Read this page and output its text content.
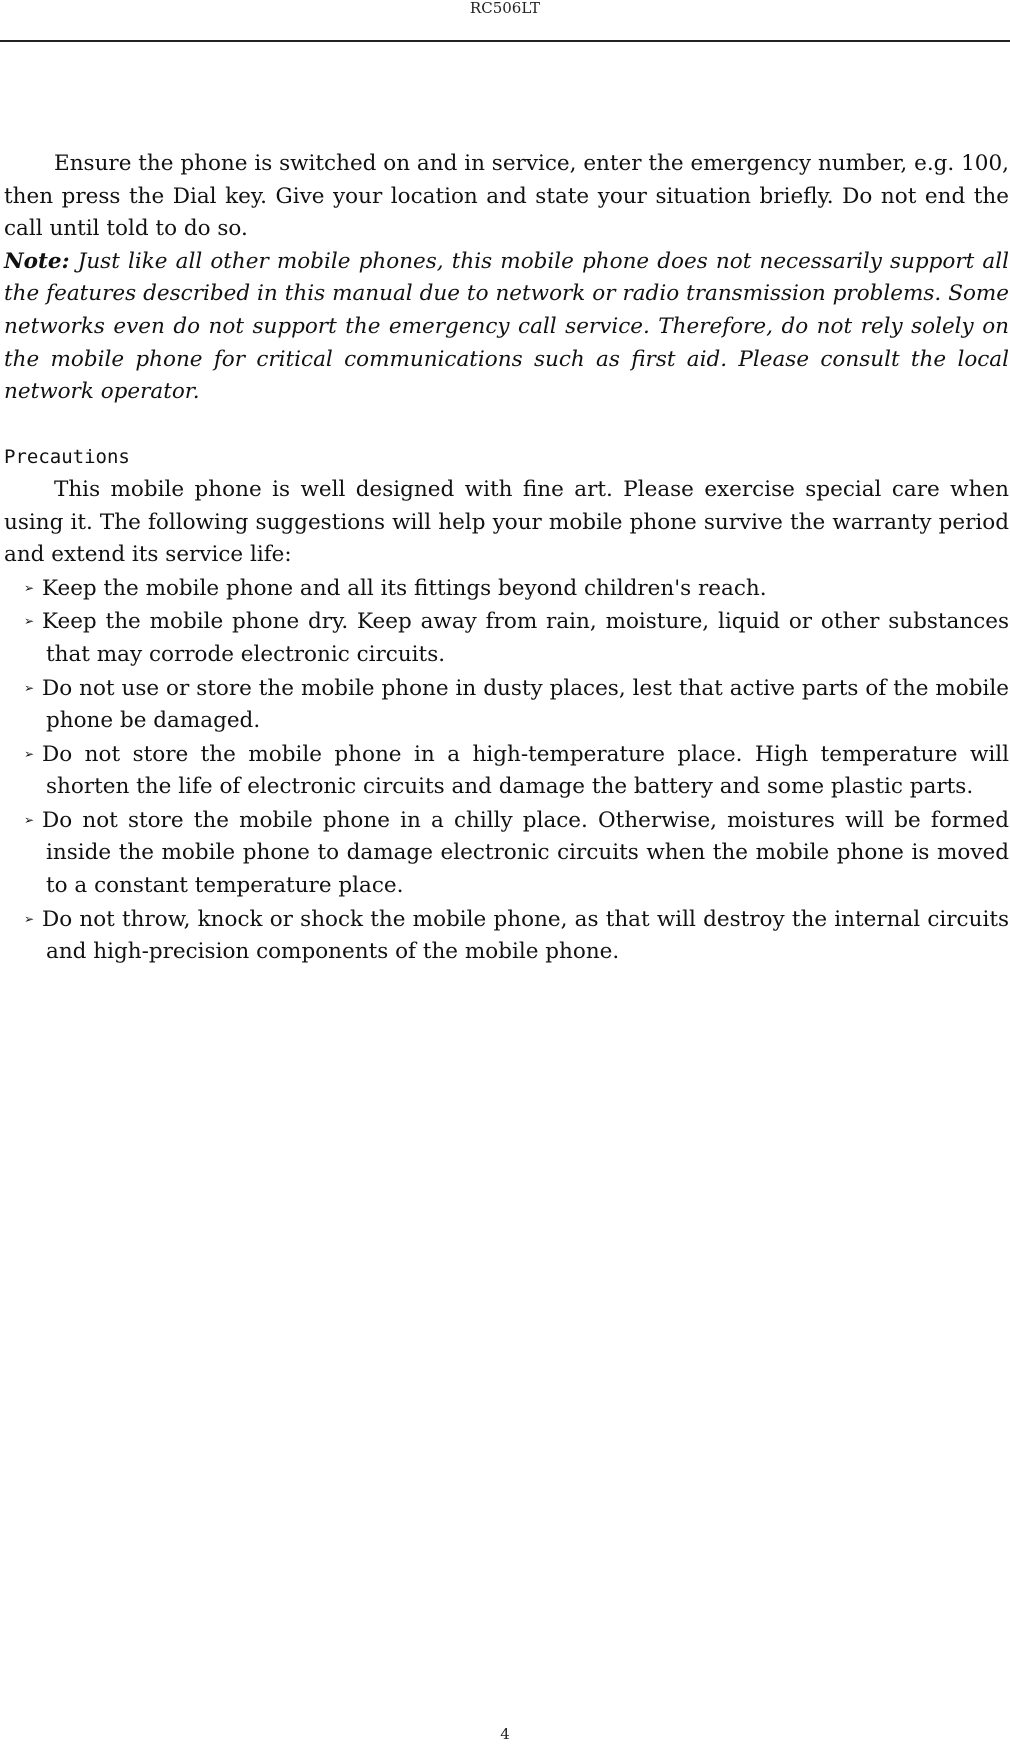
RC506LT

Ensure the phone is switched on and in service, enter the emergency number, e.g. 100, then press the Dial key. Give your location and state your situation briefly. Do not end the call until told to do so.

Note: Just like all other mobile phones, this mobile phone does not necessarily support all the features described in this manual due to network or radio transmission problems. Some networks even do not support the emergency call service. Therefore, do not rely solely on the mobile phone for critical communications such as first aid. Please consult the local network operator.

Precautions

This mobile phone is well designed with fine art. Please exercise special care when using it. The following suggestions will help your mobile phone survive the warranty period and extend its service life:

➢ Keep the mobile phone and all its fittings beyond children's reach.
➢ Keep the mobile phone dry. Keep away from rain, moisture, liquid or other substances that may corrode electronic circuits.
➢ Do not use or store the mobile phone in dusty places, lest that active parts of the mobile phone be damaged.
➢ Do not store the mobile phone in a high-temperature place. High temperature will shorten the life of electronic circuits and damage the battery and some plastic parts.
➢ Do not store the mobile phone in a chilly place. Otherwise, moistures will be formed inside the mobile phone to damage electronic circuits when the mobile phone is moved to a constant temperature place.
➢ Do not throw, knock or shock the mobile phone, as that will destroy the internal circuits and high-precision components of the mobile phone.
4
